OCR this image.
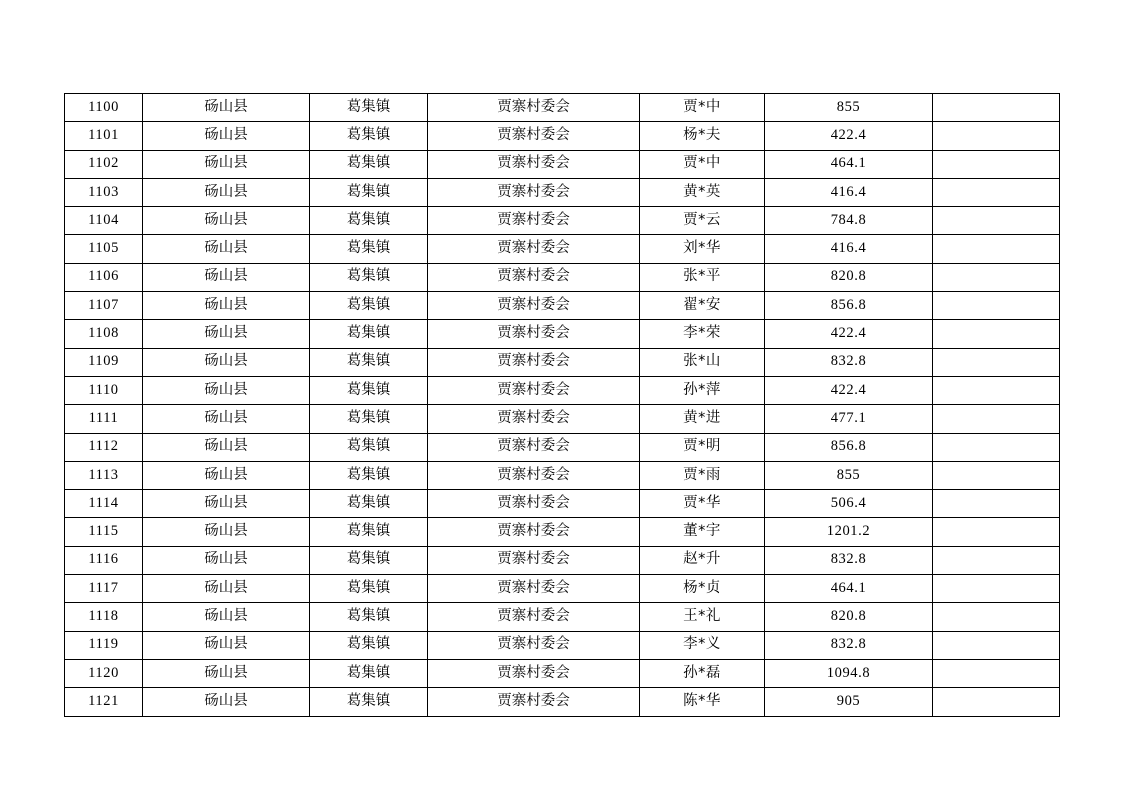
1100	砀山县	葛集镇	贾寨村委会	贾*中	855	
1101	砀山县	葛集镇	贾寨村委会	杨*夫	422.4	
1102	砀山县	葛集镇	贾寨村委会	贾*中	464.1	
1103	砀山县	葛集镇	贾寨村委会	黄*英	416.4	
1104	砀山县	葛集镇	贾寨村委会	贾*云	784.8	
1105	砀山县	葛集镇	贾寨村委会	刘*华	416.4	
1106	砀山县	葛集镇	贾寨村委会	张*平	820.8	
1107	砀山县	葛集镇	贾寨村委会	翟*安	856.8	
1108	砀山县	葛集镇	贾寨村委会	李*荣	422.4	
1109	砀山县	葛集镇	贾寨村委会	张*山	832.8	
1110	砀山县	葛集镇	贾寨村委会	孙*萍	422.4	
1111	砀山县	葛集镇	贾寨村委会	黄*进	477.1	
1112	砀山县	葛集镇	贾寨村委会	贾*明	856.8	
1113	砀山县	葛集镇	贾寨村委会	贾*雨	855	
1114	砀山县	葛集镇	贾寨村委会	贾*华	506.4	
1115	砀山县	葛集镇	贾寨村委会	董*宇	1201.2	
1116	砀山县	葛集镇	贾寨村委会	赵*升	832.8	
1117	砀山县	葛集镇	贾寨村委会	杨*贞	464.1	
1118	砀山县	葛集镇	贾寨村委会	王*礼	820.8	
1119	砀山县	葛集镇	贾寨村委会	李*义	832.8	
1120	砀山县	葛集镇	贾寨村委会	孙*磊	1094.8	
1121	砀山县	葛集镇	贾寨村委会	陈*华	905	
